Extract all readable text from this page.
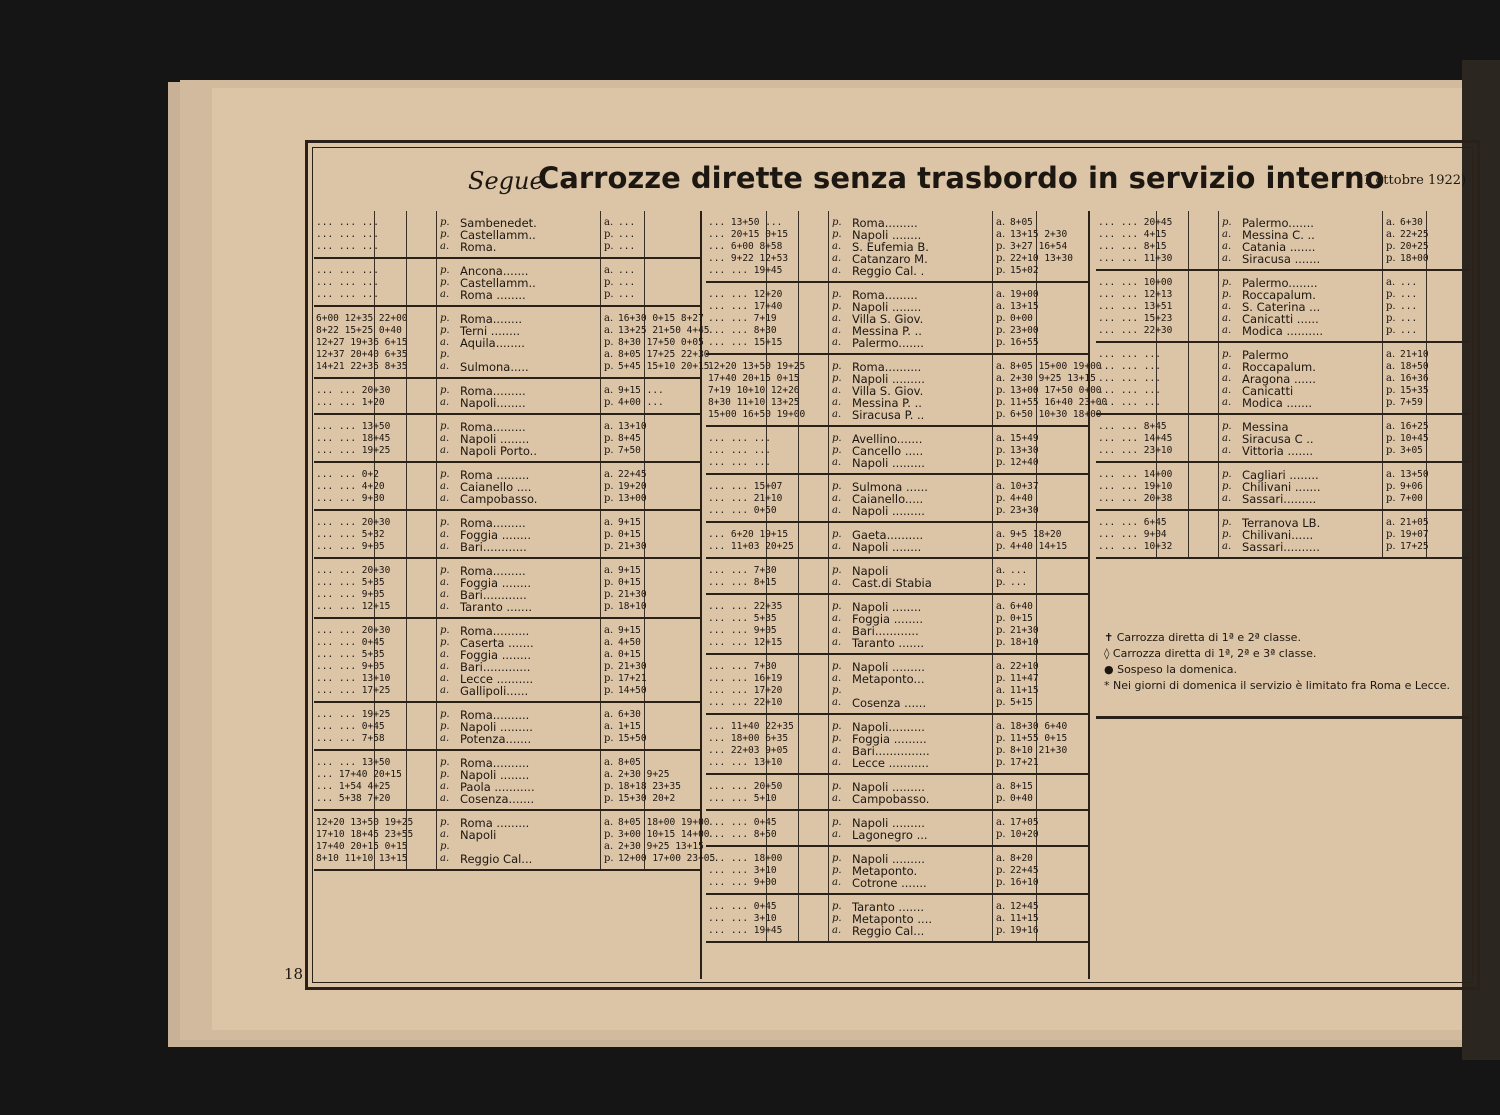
Segue
Carrozze dirette senza trasbordo in servizio interno
(1 ottobre 1922)
... ... ...	p. Sambenedet.	a. ...
... ... ...	p. Castellamm..	p. ...
... ... ...	a. Roma.	p. ...
... ... ...	p. Ancona.......	a. ...
... ... ...	p. Castellamm..	p. ...
... ... ...	a. Roma ........	p. ...
6+00 12+35 22+00	p. Roma........	a. 16+30 0+15 8+27
8+22 15+25 0+40	p. Terni ........	a. 13+25 21+50 4+45
12+27 19+36 6+15	a. Aquila........	p. 8+30 17+50 0+05
12+37 20+40 6+35	p.	a. 8+05 17+25 22+30
14+21 22+35 8+35	a. Sulmona.....	p. 5+45 15+10 20+15
... ... 20+30	p. Roma.........	a. 9+15 ...
... ... 1+20	a. Napoli........	p. 4+00 ...
... ... 13+50	p. Roma.........	a. 13+10
... ... 18+45	a. Napoli ........	p. 8+45
... ... 19+25	a. Napoli Porto..	p. 7+50
... ... 0+2	p. Roma .........	a. 22+45
... ... 4+20	a. Caianello ....	p. 19+20
... ... 9+30	a. Campobasso.	p. 13+00
... ... 20+30	p. Roma.........	a. 9+15
... ... 5+32	a. Foggia ........	p. 0+15
... ... 9+05	a. Bari............	p. 21+30
... ... 20+30	p. Roma.........	a. 9+15
... ... 5+35	a. Foggia ........	p. 0+15
... ... 9+05	a. Bari............	p. 21+30
... ... 12+15	a. Taranto .......	p. 18+10
... ... 20+30	p. Roma..........	a. 9+15
... ... 0+45	p. Caserta .......	a. 4+50
... ... 5+35	a. Foggia ........	a. 0+15
... ... 9+05	a. Bari.............	p. 21+30
... ... 13+10	a. Lecce ..........	p. 17+21
... ... 17+25	a. Gallipoli......	p. 14+50
... ... 19+25	p. Roma..........	a. 6+30
... ... 0+45	p. Napoli .........	a. 1+15
... ... 7+58	a. Potenza.......	p. 15+50
... ... 13+50	p. Roma..........	a. 8+05
... 17+40 20+15	p. Napoli ........	a. 2+30 9+25
... 1+54 4+25	a. Paola ...........	p. 18+18 23+35
... 5+38 7+20	a. Cosenza.......	p. 15+30 20+2
12+20 13+50 19+25	p. Roma .........	a. 8+05 18+00 19+00
17+10 18+45 23+55	a. Napoli	p. 3+00 10+15 14+00
17+40 20+15 0+15	p.	a. 2+30 9+25 13+15
8+10 11+10 13+15	a. Reggio Cal...	p. 12+00 17+00 23+05
... 13+50 ...	p. Roma.........	a. 8+05
... 20+15 0+15	p. Napoli ........	a. 13+15 2+30
... 6+00 8+58	a. S. Eufemia B.	p. 3+27 16+54
... 9+22 12+53	a. Catanzaro M.	p. 22+10 13+30
... ... 19+45	a. Reggio Cal. .	p. 15+02
... ... 12+20	p. Roma.........	a. 19+00
... ... 17+40	p. Napoli ........	a. 13+15
... ... 7+19	a. Villa S. Giov.	p. 0+00
... ... 8+30	a. Messina P. ..	p. 23+00
... ... 15+15	a. Palermo.......	p. 16+55
12+20 13+50 19+25	p. Roma..........	a. 8+05 15+00 19+00
17+40 20+15 0+15	p. Napoli .........	a. 2+30 9+25 13+15
7+19 10+10 12+26	a. Villa S. Giov.	p. 13+00 17+50 0+00
8+30 11+10 13+25	a. Messina P. ..	p. 11+55 16+40 23+00
15+00 16+50 19+00	a. Siracusa P. ..	p. 6+50 10+30 18+00
... ... ...	p. Avellino.......	a. 15+49
... ... ...	p. Cancello .....	p. 13+30
... ... ...	a. Napoli .........	p. 12+40
... ... 15+07	p. Sulmona ......	a. 10+37
... ... 21+10	a. Caianello.....	p. 4+40
... ... 0+50	a. Napoli .........	p. 23+30
... 6+20 19+15	p. Gaeta..........	a. 9+5 18+20
... 11+03 20+25	a. Napoli ........	p. 4+40 14+15
... ... 7+30	p. Napoli	a. ...
... ... 8+15	a. Cast.di Stabia	p. ...
... ... 22+35	p. Napoli ........	a. 6+40
... ... 5+35	a. Foggia ........	p. 0+15
... ... 9+05	a. Bari............	p. 21+30
... ... 12+15	a. Taranto .......	p. 18+10
... ... 7+30	p. Napoli .........	a. 22+10
... ... 16+19	a. Metaponto...	p. 11+47
... ... 17+20	p.	a. 11+15
... ... 22+10	a. Cosenza ......	p. 5+15
... 11+40 22+35	p. Napoli..........	a. 18+30 6+40
... 18+00 6+35	p. Foggia .........	p. 11+55 0+15
... 22+03 9+05	a. Bari...............	p. 8+10 21+30
... ... 13+10	a. Lecce ...........	p. 17+21
... ... 20+50	p. Napoli .........	a. 8+15
... ... 5+10	a. Campobasso.	p. 0+40
... ... 0+45	p. Napoli .........	a. 17+05
... ... 8+50	a. Lagonegro ...	p. 10+20
... ... 18+00	p. Napoli .........	a. 8+20
... ... 3+10	p. Metaponto.	p. 22+45
... ... 9+00	a. Cotrone .......	p. 16+10
... ... 0+45	p. Taranto .......	a. 12+45
... ... 3+10	p. Metaponto ....	a. 11+15
... ... 19+45	a. Reggio Cal...	p. 19+16
✝ Carrozza diretta di 1ª e 2ª classe.
◊ Carrozza diretta di 1ª, 2ª e 3ª classe.
● Sospeso la domenica.
* Nei giorni di domenica il servizio è limitato fra Roma e Lecce.
... ... 20+45	p. Palermo.......	a. 6+30
... ... 4+15	a. Messina C. ..	a. 22+25
... ... 8+15	a. Catania .......	p. 20+25
... ... 11+30	a. Siracusa .......	p. 18+00
... ... 10+00	p. Palermo........	a. ...
... ... 12+13	p. Roccapalum.	p. ...
... ... 13+51	a. S. Caterina ...	p. ...
... ... 15+23	a. Canicatti ......	p. ...
... ... 22+30	a. Modica ..........	p. ...
... ... ...	p. Palermo	a. 21+10
... ... ...	a. Roccapalum.	a. 18+50
... ... ...	a. Aragona ......	a. 16+36
... ... ...	a. Canicatti	p. 15+35
... ... ...	a. Modica .......	p. 7+59
... ... 8+45	p. Messina	a. 16+25
... ... 14+45	a. Siracusa C ..	p. 10+45
... ... 23+10	a. Vittoria .......	p. 3+05
... ... 14+00	p. Cagliari ........	a. 13+50
... ... 19+10	p. Chilivani .......	p. 9+06
... ... 20+38	a. Sassari.........	p. 7+00
... ... 6+45	p. Terranova LB.	a. 21+05
... ... 9+04	p. Chilivani......	p. 19+07
... ... 10+32	a. Sassari..........	p. 17+25
18
